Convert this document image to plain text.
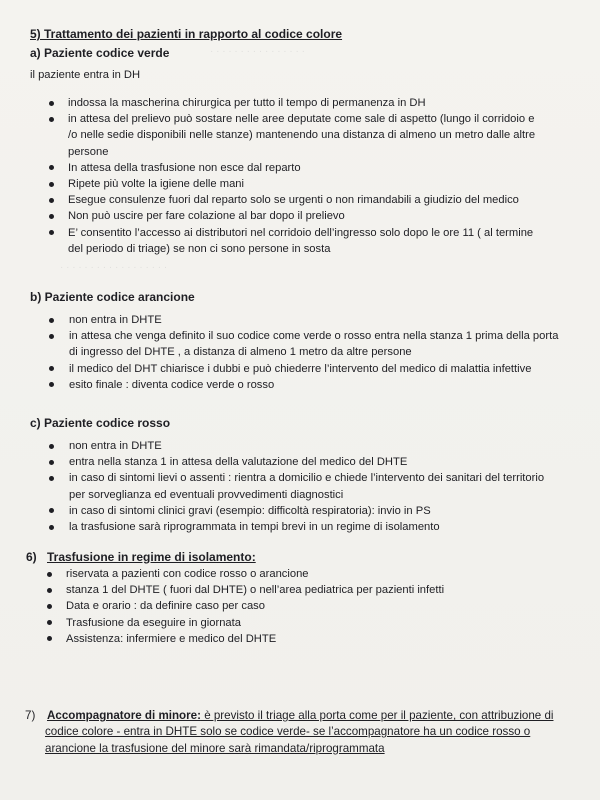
· · · · · · · · · · · · · · · ·
· · · · · · · · · · · · · · · · · ·
5) Trattamento dei pazienti in rapporto al codice colore
a) Paziente codice verde
il paziente entra in DH
indossa la mascherina chirurgica per tutto il tempo di permanenza in DH
in attesa del prelievo può sostare nelle aree deputate come sale di aspetto (lungo il corridoio e
/o nelle sedie disponibili nelle stanze) mantenendo una distanza di almeno un metro dalle altre
persone
In attesa della trasfusione non esce dal reparto
Ripete più volte la igiene delle mani
Esegue consulenze fuori dal reparto solo se urgenti o non rimandabili a giudizio del medico
Non può uscire per fare colazione al bar dopo il prelievo
E’ consentito l’accesso ai distributori nel corridoio dell’ingresso solo dopo le ore 11 ( al termine
del periodo di triage) se non ci sono persone in sosta
b) Paziente codice arancione
non entra in DHTE
in attesa che venga definito il suo codice come verde o rosso entra nella stanza 1 prima della porta
di ingresso del DHTE , a distanza di almeno 1 metro da altre persone
il medico del DHT chiarisce i dubbi e può chiederre l’intervento del medico di malattia infettive
esito finale : diventa codice verde o rosso
c) Paziente codice rosso
non entra in DHTE
entra nella stanza 1 in attesa della valutazione del medico del DHTE
in caso di sintomi lievi o assenti : rientra a domicilio e chiede l’intervento dei sanitari del territorio
per sorveglianza ed eventuali provvedimenti diagnostici
in caso di sintomi clinici gravi (esempio: difficoltà respiratoria): invio in PS
la trasfusione sarà riprogrammata in tempi brevi in un regime di isolamento
6) Trasfusione in regime di isolamento:
riservata a pazienti con codice rosso o arancione
stanza 1 del DHTE ( fuori dal DHTE) o nell’area pediatrica per pazienti infetti
Data e orario : da definire caso per caso
Trasfusione da eseguire in giornata
Assistenza: infermiere e medico del DHTE
7) Accompagnatore di minore: è previsto il triage alla porta come per il paziente, con attribuzione di
codice colore - entra in DHTE solo se codice verde- se l’accompagnatore ha un codice rosso o
arancione la trasfusione del minore sarà rimandata/riprogrammata
